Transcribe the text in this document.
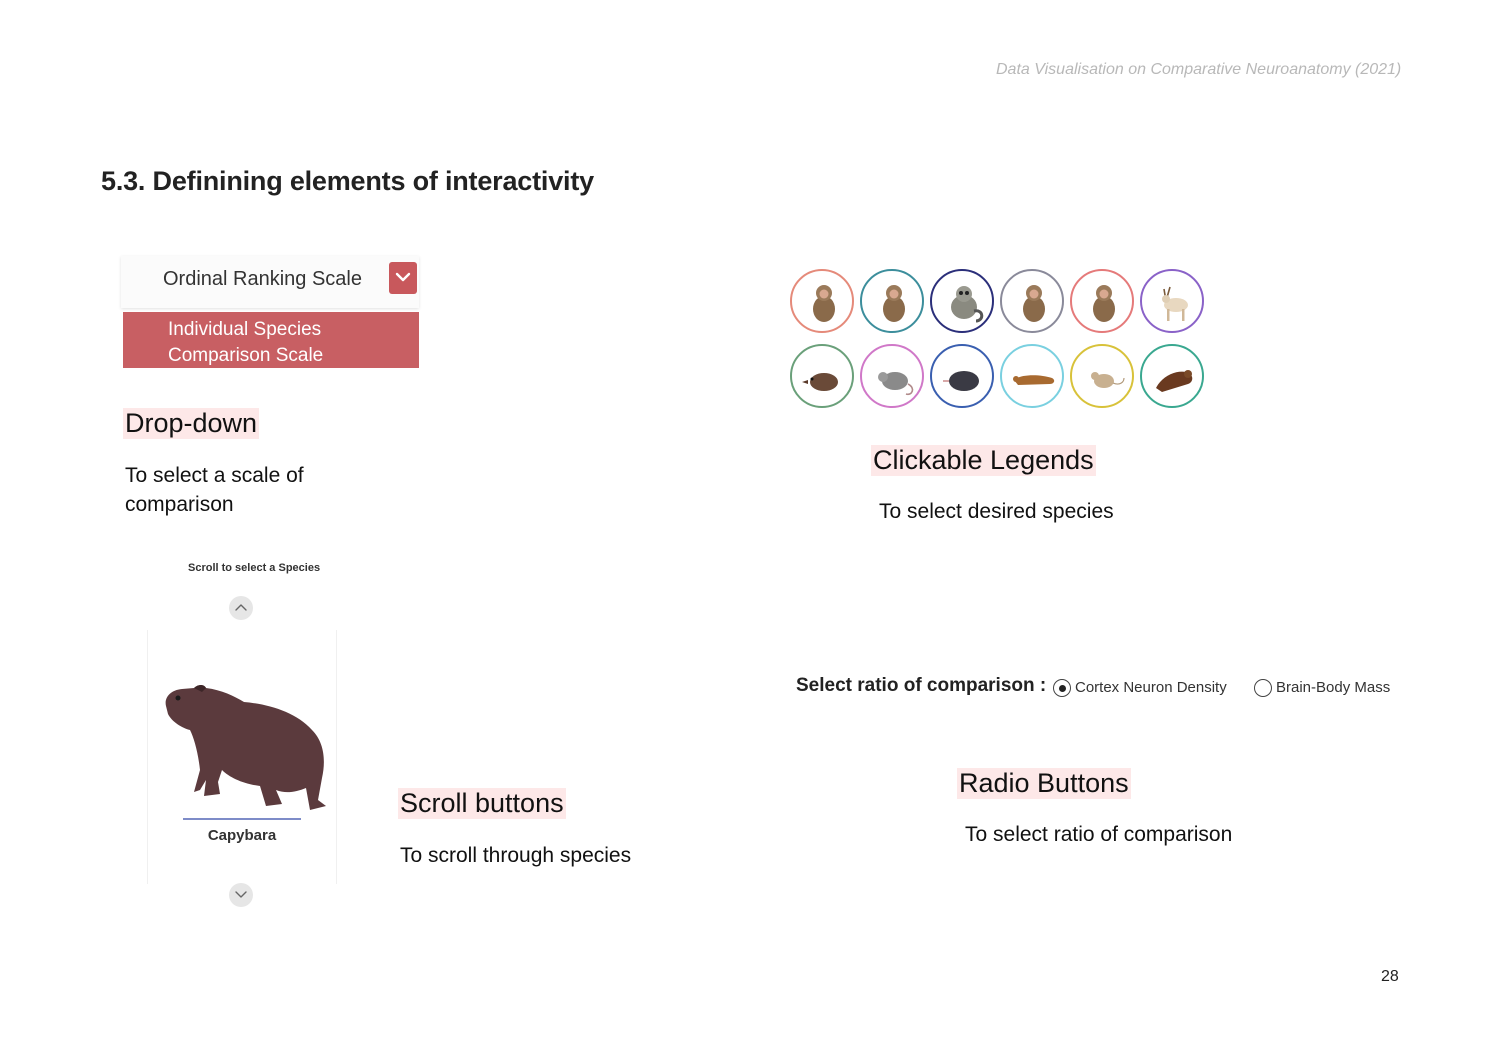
Data Visualisation on Comparative Neuroanatomy (2021)
5.3. Definining elements of interactivity
Ordinal Ranking Scale
Individual Species Comparison Scale
Drop-down
To select a scale of comparison
Clickable Legends
To select desired species
Scroll to select a Species
Capybara
Scroll buttons
To scroll through species
Select ratio of comparison : Cortex Neuron Density	Brain-Body Mass
Radio Buttons
To select ratio of comparison
28
